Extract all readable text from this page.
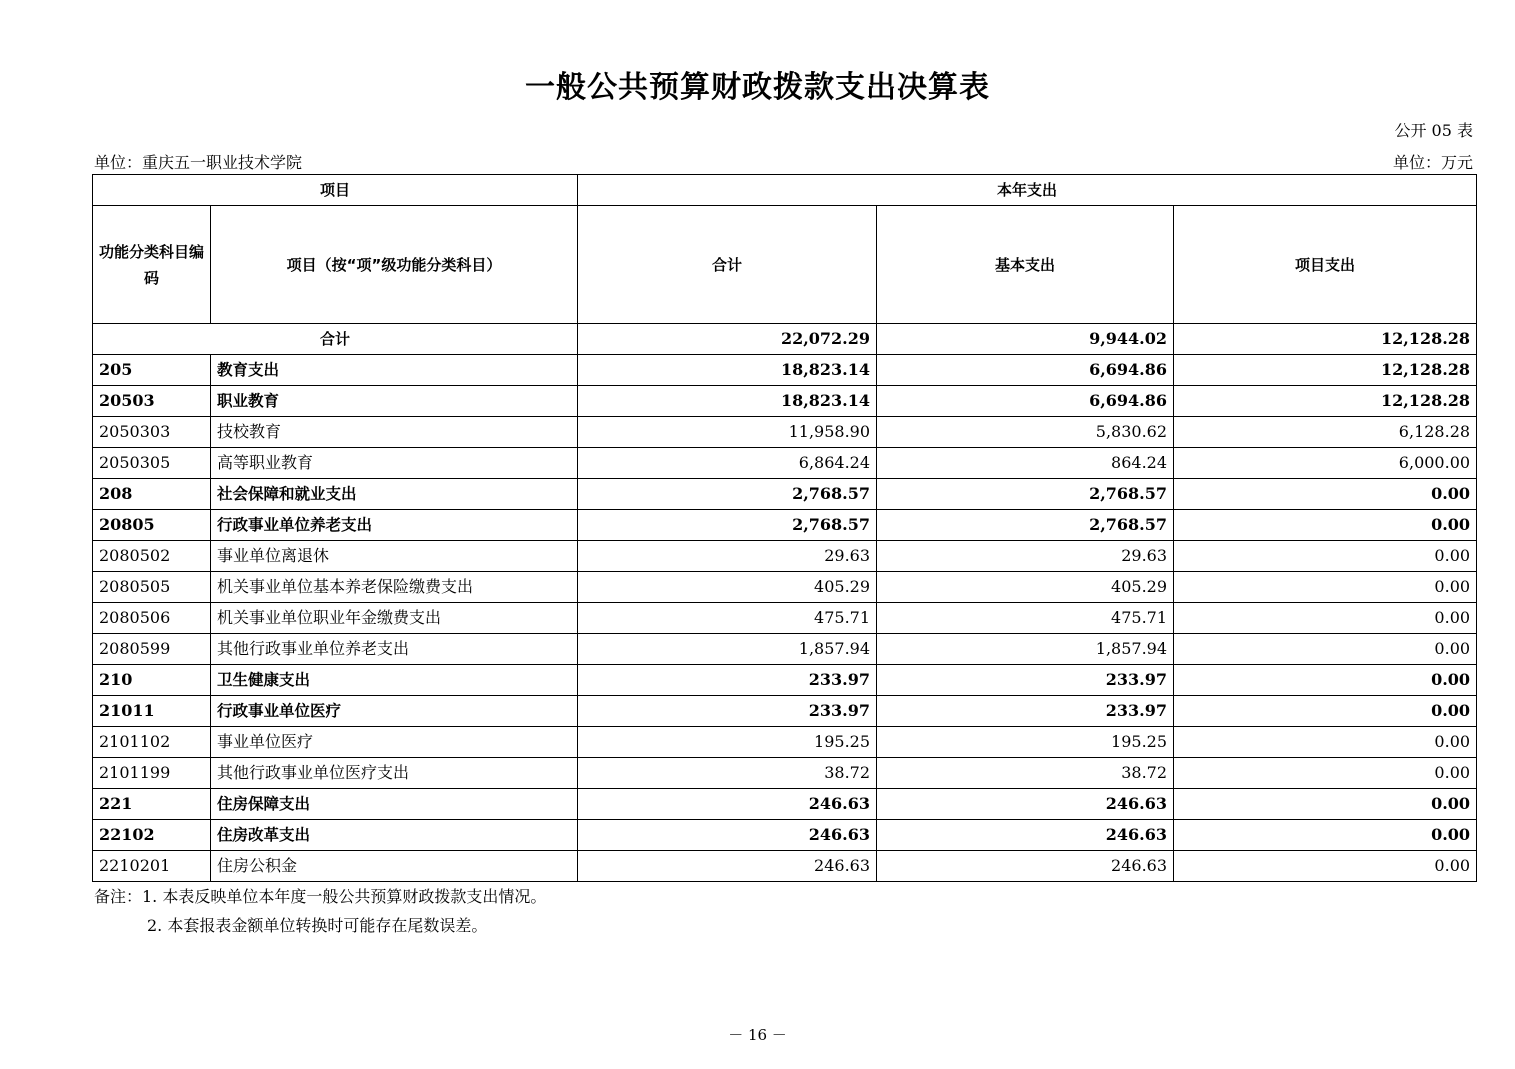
一般公共预算财政拨款支出决算表
公开 05 表
单位：重庆五一职业技术学院	单位：万元
项目		本年支出		
功能分类科目编码	项目（按“项”级功能分类科目）	合计	基本支出	项目支出
合计		22,072.29	9,944.02	12,128.28
205	教育支出	18,823.14	6,694.86	12,128.28
20503	职业教育	18,823.14	6,694.86	12,128.28
2050303	技校教育	11,958.90	5,830.62	6,128.28
2050305	高等职业教育	6,864.24	864.24	6,000.00
208	社会保障和就业支出	2,768.57	2,768.57	0.00
20805	行政事业单位养老支出	2,768.57	2,768.57	0.00
2080502	事业单位离退休	29.63	29.63	0.00
2080505	机关事业单位基本养老保险缴费支出	405.29	405.29	0.00
2080506	机关事业单位职业年金缴费支出	475.71	475.71	0.00
2080599	其他行政事业单位养老支出	1,857.94	1,857.94	0.00
210	卫生健康支出	233.97	233.97	0.00
21011	行政事业单位医疗	233.97	233.97	0.00
2101102	事业单位医疗	195.25	195.25	0.00
2101199	其他行政事业单位医疗支出	38.72	38.72	0.00
221	住房保障支出	246.63	246.63	0.00
22102	住房改革支出	246.63	246.63	0.00
2210201	住房公积金	246.63	246.63	0.00
备注：1. 本表反映单位本年度一般公共预算财政拨款支出情况。
2. 本套报表金额单位转换时可能存在尾数误差。
－ 16 －
